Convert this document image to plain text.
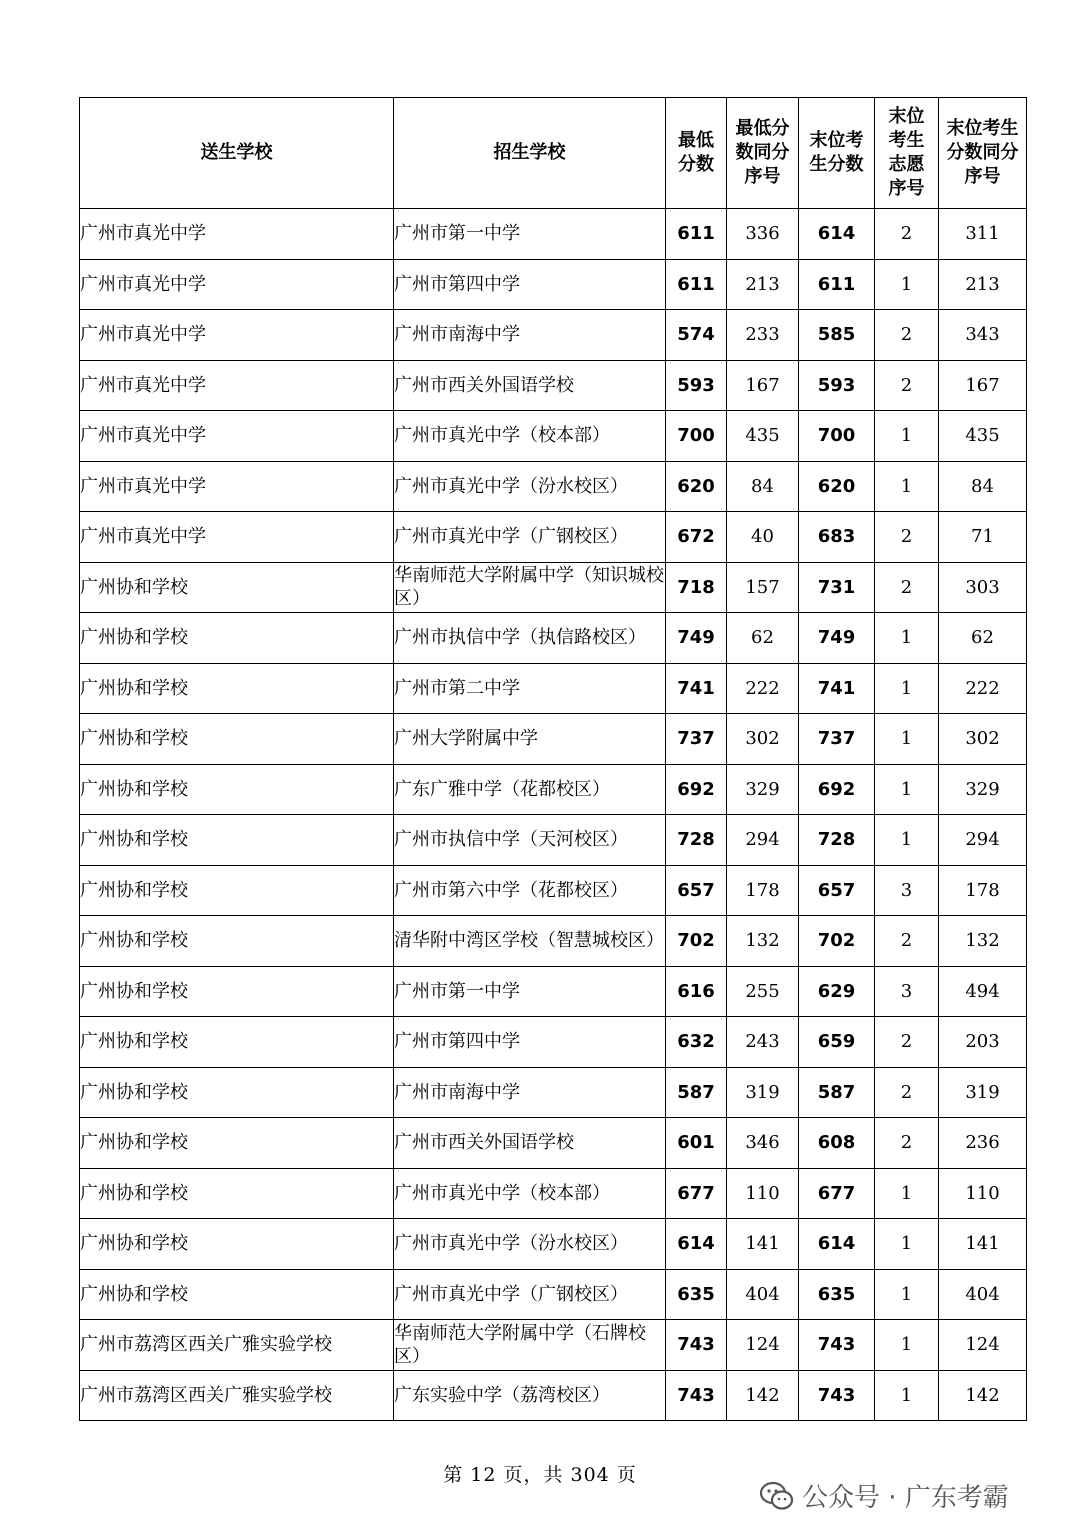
送生学校	招生学校	最低分数	最低分数同分序号	末位考生分数	末位考生志愿序号	末位考生分数同分序号
广州市真光中学	广州市第一中学	611	336	614	2	311
广州市真光中学	广州市第四中学	611	213	611	1	213
广州市真光中学	广州市南海中学	574	233	585	2	343
广州市真光中学	广州市西关外国语学校	593	167	593	2	167
广州市真光中学	广州市真光中学（校本部）	700	435	700	1	435
广州市真光中学	广州市真光中学（汾水校区）	620	84	620	1	84
广州市真光中学	广州市真光中学（广钢校区）	672	40	683	2	71
广州协和学校	华南师范大学附属中学（知识城校区）	718	157	731	2	303
广州协和学校	广州市执信中学（执信路校区）	749	62	749	1	62
广州协和学校	广州市第二中学	741	222	741	1	222
广州协和学校	广州大学附属中学	737	302	737	1	302
广州协和学校	广东广雅中学（花都校区）	692	329	692	1	329
广州协和学校	广州市执信中学（天河校区）	728	294	728	1	294
广州协和学校	广州市第六中学（花都校区）	657	178	657	3	178
广州协和学校	清华附中湾区学校（智慧城校区）	702	132	702	2	132
广州协和学校	广州市第一中学	616	255	629	3	494
广州协和学校	广州市第四中学	632	243	659	2	203
广州协和学校	广州市南海中学	587	319	587	2	319
广州协和学校	广州市西关外国语学校	601	346	608	2	236
广州协和学校	广州市真光中学（校本部）	677	110	677	1	110
广州协和学校	广州市真光中学（汾水校区）	614	141	614	1	141
广州协和学校	广州市真光中学（广钢校区）	635	404	635	1	404
广州市荔湾区西关广雅实验学校	华南师范大学附属中学（石牌校区）	743	124	743	1	124
广州市荔湾区西关广雅实验学校	广东实验中学（荔湾校区）	743	142	743	1	142
第 12 页，共 304 页
公众号 · 广东考霸
